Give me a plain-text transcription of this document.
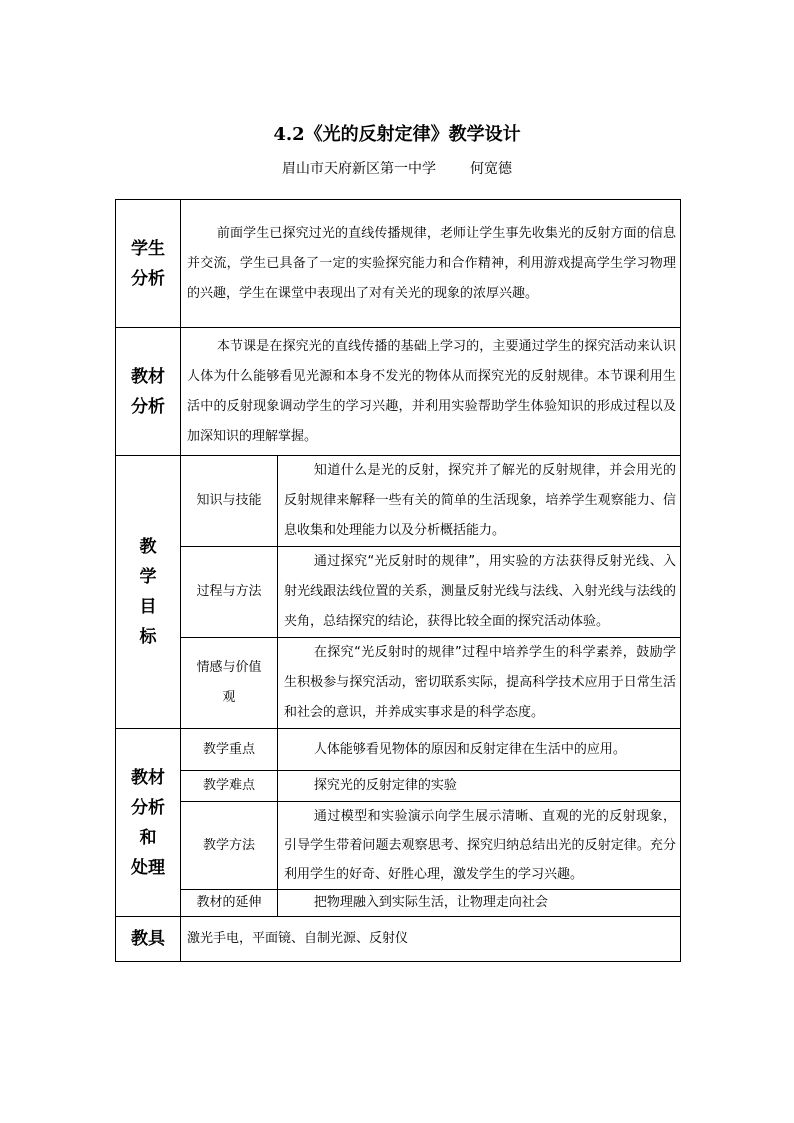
4.2《光的反射定律》教学设计
眉山市天府新区第一中学 何宽德
学生分析	前面学生已探究过光的直线传播规律，老师让学生事先收集光的反射方面的信息并交流，学生已具备了一定的实验探究能力和合作精神，利用游戏提高学生学习物理的兴趣，学生在课堂中表现出了对有关光的现象的浓厚兴趣。	

教材分析	本节课是在探究光的直线传播的基础上学习的，主要通过学生的探究活动来认识人体为什么能够看见光源和本身不发光的物体从而探究光的反射规律。本节课利用生活中的反射现象调动学生的学习兴趣，并利用实验帮助学生体验知识的形成过程以及加深知识的理解掌握。	

教
学
目
标	知识与技能	知道什么是光的反射，探究并了解光的反射规律，并会用光的反射规律来解释一些有关的简单的生活现象，培养学生观察能力、信息收集和处理能力以及分析概括能力。
	过程与方法	通过探究“光反射时的规律”，用实验的方法获得反射光线、入射光线跟法线位置的关系，测量反射光线与法线、入射光线与法线的夹角，总结探究的结论，获得比较全面的探究活动体验。

	情感与价值观	在探究“光反射时的规律”过程中培养学生的科学素养，鼓励学生积极参与探究活动，密切联系实际，提高科学技术应用于日常生活和社会的意识，并养成实事求是的科学态度。

教材
分析
和
处理	教学重点	人体能够看见物体的原因和反射定律在生活中的应用。
	教学难点	探究光的反射定律的实验
	教学方法	通过模型和实验演示向学生展示清晰、直观的光的反射现象，引导学生带着问题去观察思考、探究归纳总结出光的反射定律。充分利用学生的好奇、好胜心理，激发学生的学习兴趣。
	教材的延伸	把物理融入到实际生活，让物理走向社会
教具	激光手电，平面镜、自制光源、反射仪	
